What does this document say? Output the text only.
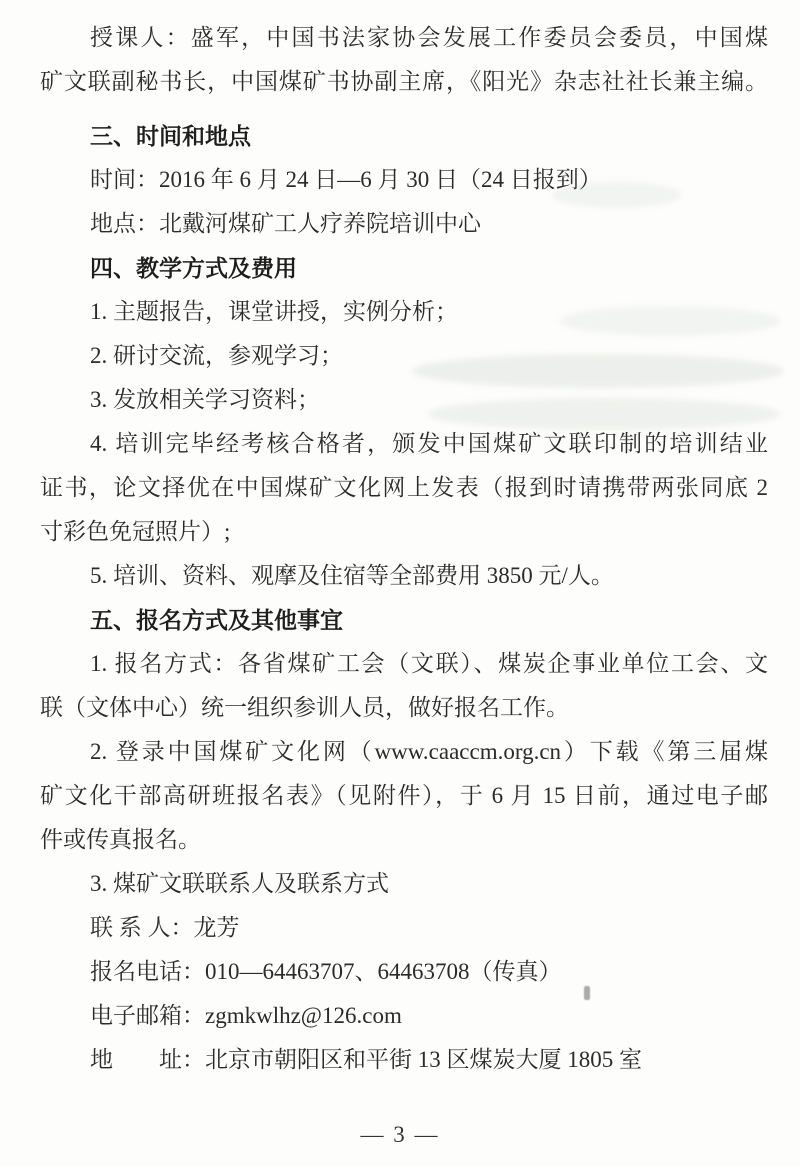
授课人：盛军，中国书法家协会发展工作委员会委员，中国煤
矿文联副秘书长，中国煤矿书协副主席，《阳光》杂志社社长兼主编。
三、时间和地点
时间：2016 年 6 月 24 日—6 月 30 日（24 日报到）
地点：北戴河煤矿工人疗养院培训中心
四、教学方式及费用
1. 主题报告，课堂讲授，实例分析；
2. 研讨交流，参观学习；
3. 发放相关学习资料；
4. 培训完毕经考核合格者，颁发中国煤矿文联印制的培训结业
证书，论文择优在中国煤矿文化网上发表（报到时请携带两张同底 2
寸彩色免冠照片）;
5. 培训、资料、观摩及住宿等全部费用 3850 元/人。
五、报名方式及其他事宜
1. 报名方式：各省煤矿工会（文联）、煤炭企事业单位工会、文
联（文体中心）统一组织参训人员，做好报名工作。
2. 登录中国煤矿文化网（www.caaccm.org.cn）下载《第三届煤
矿文化干部高研班报名表》（见附件），于 6 月 15 日前，通过电子邮
件或传真报名。
3. 煤矿文联联系人及联系方式
联 系 人：龙芳
报名电话：010—64463707、64463708（传真）
电子邮箱：zgmkwlhz@126.com
地　　址：北京市朝阳区和平街 13 区煤炭大厦 1805 室
— 3 —
